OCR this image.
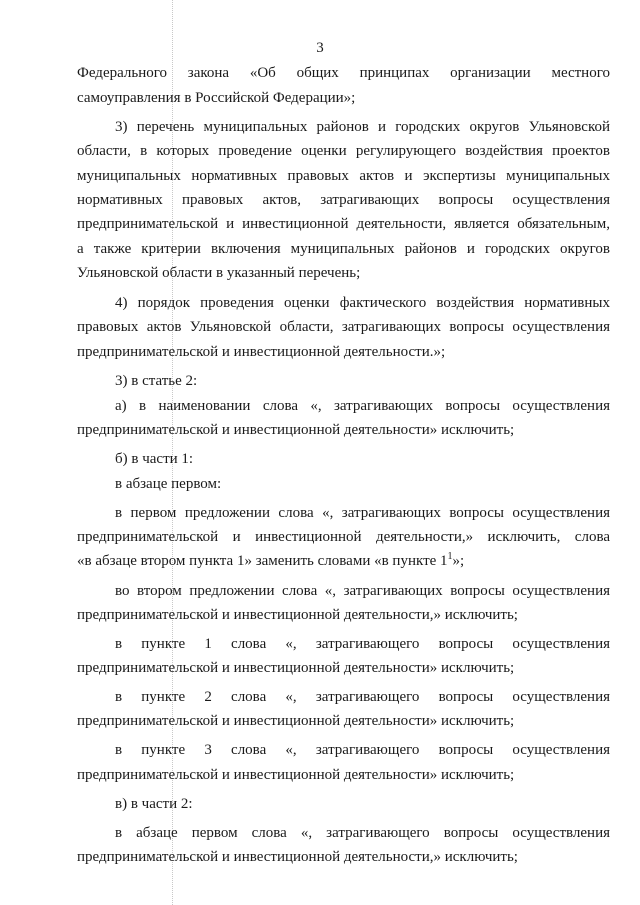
3
Федерального закона «Об общих принципах организации местного
самоуправления в Российской Федерации»;
3) перечень муниципальных районов и городских округов Ульяновской
области, в которых проведение оценки регулирующего воздействия проектов
муниципальных нормативных правовых актов и экспертизы муниципальных
нормативных правовых актов, затрагивающих вопросы осуществления
предпринимательской и инвестиционной деятельности, является обязательным,
а также критерии включения муниципальных районов и городских округов
Ульяновской области в указанный перечень;
4) порядок проведения оценки фактического воздействия нормативных
правовых актов Ульяновской области, затрагивающих вопросы осуществления
предпринимательской и инвестиционной деятельности.»;
3) в статье 2:
а) в наименовании слова «, затрагивающих вопросы осуществления
предпринимательской и инвестиционной деятельности» исключить;
б) в части 1:
в абзаце первом:
в первом предложении слова «, затрагивающих вопросы осуществления
предпринимательской и инвестиционной деятельности,» исключить, слова
«в абзаце втором пункта 1» заменить словами «в пункте $1^1$»;
во втором предложении слова «, затрагивающих вопросы осуществления
предпринимательской и инвестиционной деятельности,» исключить;
в пункте 1 слова «, затрагивающего вопросы осуществления
предпринимательской и инвестиционной деятельности» исключить;
в пункте 2 слова «, затрагивающего вопросы осуществления
предпринимательской и инвестиционной деятельности» исключить;
в пункте 3 слова «, затрагивающего вопросы осуществления
предпринимательской и инвестиционной деятельности» исключить;
в) в части 2:
в абзаце первом слова «, затрагивающего вопросы осуществления
предпринимательской и инвестиционной деятельности,» исключить;
